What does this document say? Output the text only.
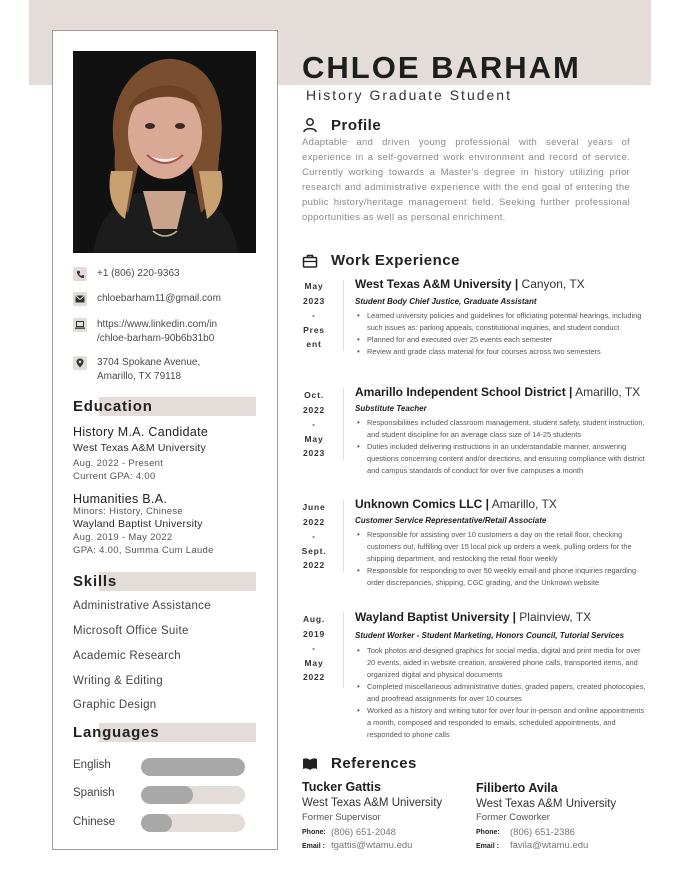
+1 (806) 220-9363
chloebarham11@gmail.com
https://www.linkedin.com/in
/chloe-barham-90b6b31b0
3704 Spokane Avenue,
Amarillo, TX 79118
Education
History M.A. Candidate
West Texas A&M University
Aug. 2022 - Present
Current GPA: 4.00
Humanities B.A.
Minors: History, Chinese
Wayland Baptist University
Aug. 2019 - May 2022
GPA: 4.00, Summa Cum Laude
Skills
Administrative Assistance
Microsoft Office Suite
Academic Research
Writing & Editing
Graphic Design
Languages
English
Spanish
Chinese
CHLOE BARHAM
History Graduate Student
Profile
Adaptable and driven young professional with several years of experience in a self-governed work environment and record of service. Currently working towards a Master's degree in history utilizing prior research and administrative experience with the end goal of entering the public history/heritage management field. Seeking further professional opportunities as well as personal enrichment.
Work Experience
May
2023
-
Pres
ent
West Texas A&M University | Canyon, TX
Student Body Chief Justice, Graduate Assistant
• Learned university policies and guidelines for officiating potential hearings, including such issues as: parking appeals, constitutional inquiries, and student conduct
• Planned for and executed over 25 events each semester
• Review and grade class material for four courses across two semesters
Oct.
2022
-
May
2023
Amarillo Independent School District | Amarillo, TX
Substitute Teacher
• Responsibilities included classroom management, student safety, student instruction, and student discipline for an average class size of 14-25 students
• Duties included delivering instructions in an understandable manner, answering questions concerning content and/or directions, and ensuring compliance with district and campus standards of conduct for over five campuses a month
June
2022
-
Sept.
2022
Unknown Comics LLC | Amarillo, TX
Customer Service Representative/Retail Associate
• Responsible for assisting over 10 customers a day on the retail floor, checking customers out, fulfilling over 15 local pick up orders a week, pulling orders for the shipping department, and restocking the retail floor weekly
• Responsible for responding to over 50 weekly email and phone inquiries regarding order discrepancies, shipping, CGC grading, and the Unknown website
Aug.
2019
-
May
2022
Wayland Baptist University | Plainview, TX
Student Worker - Student Marketing, Honors Council, Tutorial Services
• Took photos and designed graphics for social media, digital and print media for over 20 events, aided in website creation, answered phone calls, transported items, and organized digital and physical documents
• Completed miscellaneous administrative duties, graded papers, created photocopies, and proofread assignments for over 10 courses
• Worked as a history and writing tutor for over four in-person and online appointments a month, composed and responded to emails, scheduled appointments, and responded to phone calls
References
Tucker Gattis
West Texas A&M University
Former Supervisor
Phone: (806) 651-2048
Email : tgattis@wtamu.edu
Filiberto Avila
West Texas A&M University
Former Coworker
Phone: (806) 651-2386
Email : favila@wtamu.edu
